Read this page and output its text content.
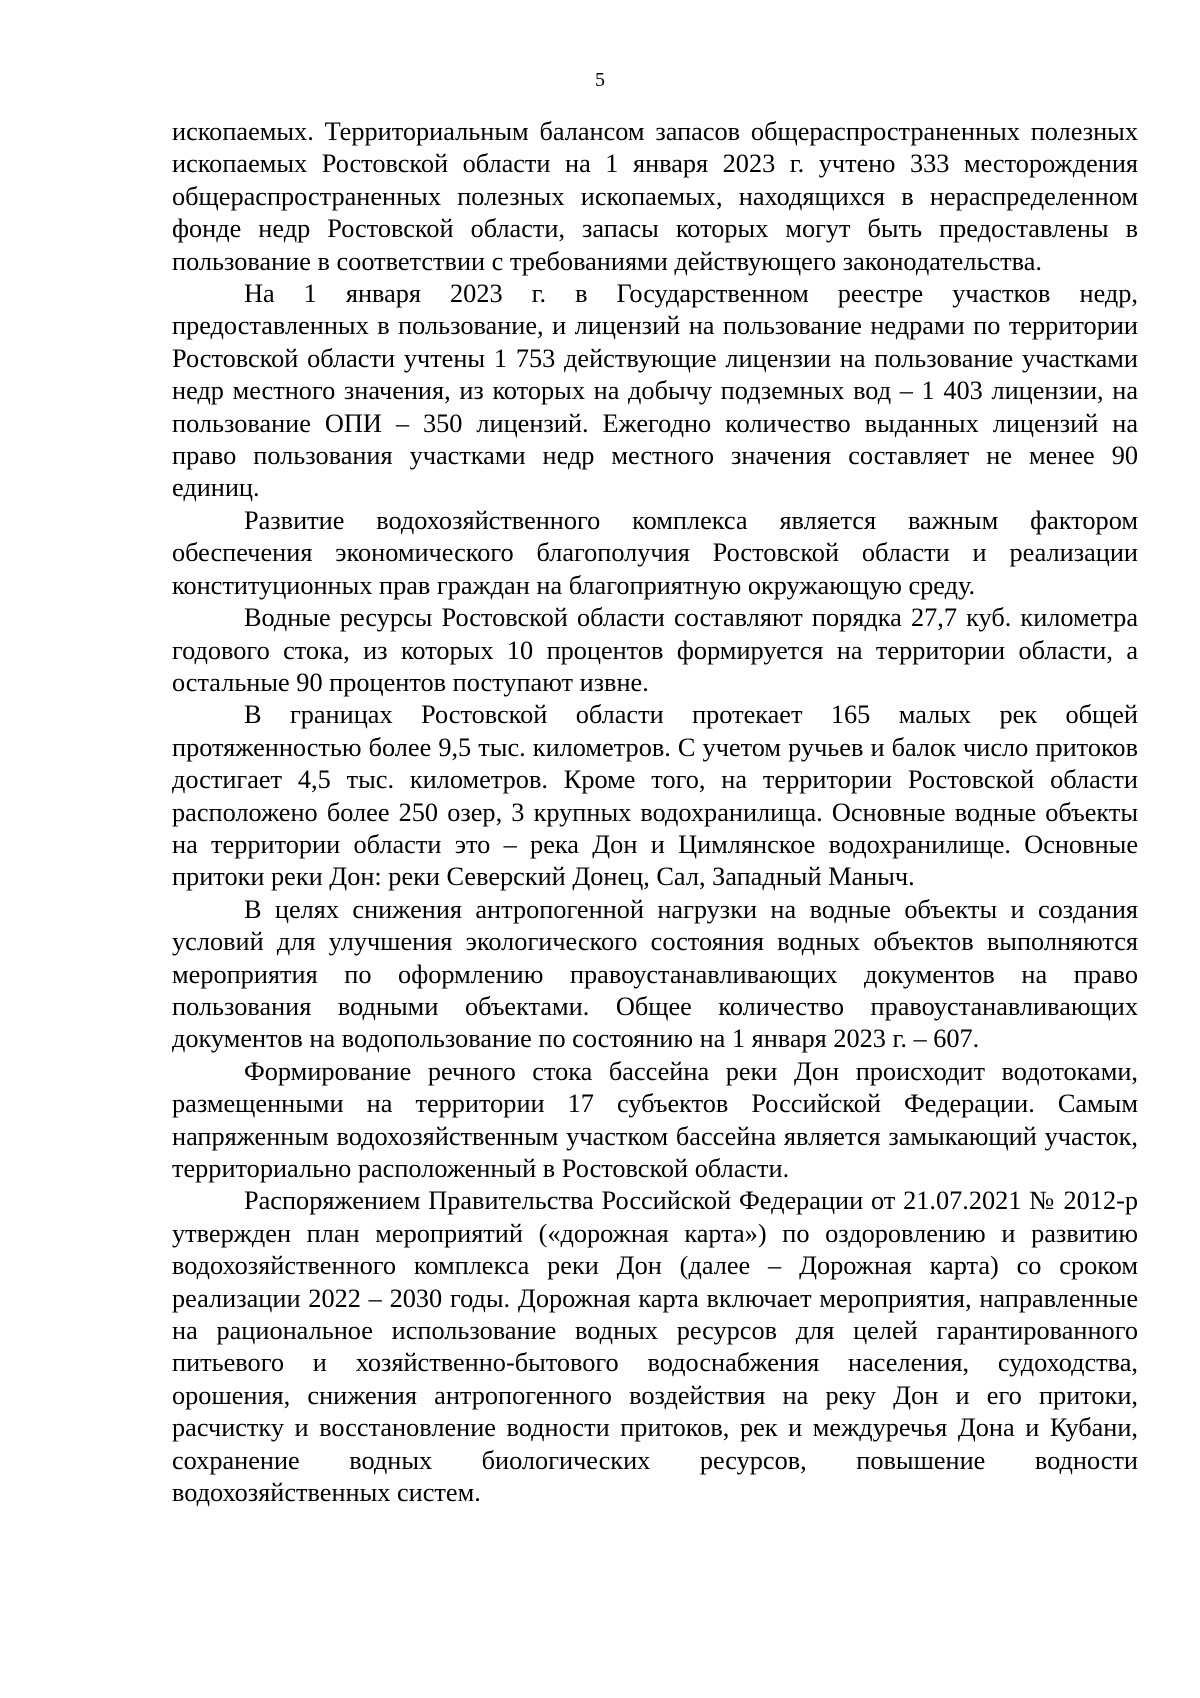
5

ископаемых. Территориальным балансом запасов общераспространенных полезных ископаемых Ростовской области на 1 января 2023 г. учтено 333 месторождения общераспространенных полезных ископаемых, находящихся в нераспределенном фонде недр Ростовской области, запасы которых могут быть предоставлены в пользование в соответствии с требованиями действующего законодательства.

На 1 января 2023 г. в Государственном реестре участков недр, предоставленных в пользование, и лицензий на пользование недрами по территории Ростовской области учтены 1 753 действующие лицензии на пользование участками недр местного значения, из которых на добычу подземных вод – 1 403 лицензии, на пользование ОПИ – 350 лицензий. Ежегодно количество выданных лицензий на право пользования участками недр местного значения составляет не менее 90 единиц.

Развитие водохозяйственного комплекса является важным фактором обеспечения экономического благополучия Ростовской области и реализации конституционных прав граждан на благоприятную окружающую среду.

Водные ресурсы Ростовской области составляют порядка 27,7 куб. километра годового стока, из которых 10 процентов формируется на территории области, а остальные 90 процентов поступают извне.

В границах Ростовской области протекает 165 малых рек общей протяженностью более 9,5 тыс. километров. С учетом ручьев и балок число притоков достигает 4,5 тыс. километров. Кроме того, на территории Ростовской области расположено более 250 озер, 3 крупных водохранилища. Основные водные объекты на территории области это – река Дон и Цимлянское водохранилище. Основные притоки реки Дон: реки Северский Донец, Сал, Западный Маныч.

В целях снижения антропогенной нагрузки на водные объекты и создания условий для улучшения экологического состояния водных объектов выполняются мероприятия по оформлению правоустанавливающих документов на право пользования водными объектами. Общее количество правоустанавливающих документов на водопользование по состоянию на 1 января 2023 г. – 607.

Формирование речного стока бассейна реки Дон происходит водотоками, размещенными на территории 17 субъектов Российской Федерации. Самым напряженным водохозяйственным участком бассейна является замыкающий участок, территориально расположенный в Ростовской области.

Распоряжением Правительства Российской Федерации от 21.07.2021 № 2012-р утвержден план мероприятий («дорожная карта») по оздоровлению и развитию водохозяйственного комплекса реки Дон (далее – Дорожная карта) со сроком реализации 2022 – 2030 годы. Дорожная карта включает мероприятия, направленные на рациональное использование водных ресурсов для целей гарантированного питьевого и хозяйственно-бытового водоснабжения населения, судоходства, орошения, снижения антропогенного воздействия на реку Дон и его притоки, расчистку и восстановление водности притоков, рек и междуречья Дона и Кубани, сохранение водных биологических ресурсов, повышение водности водохозяйственных систем.
